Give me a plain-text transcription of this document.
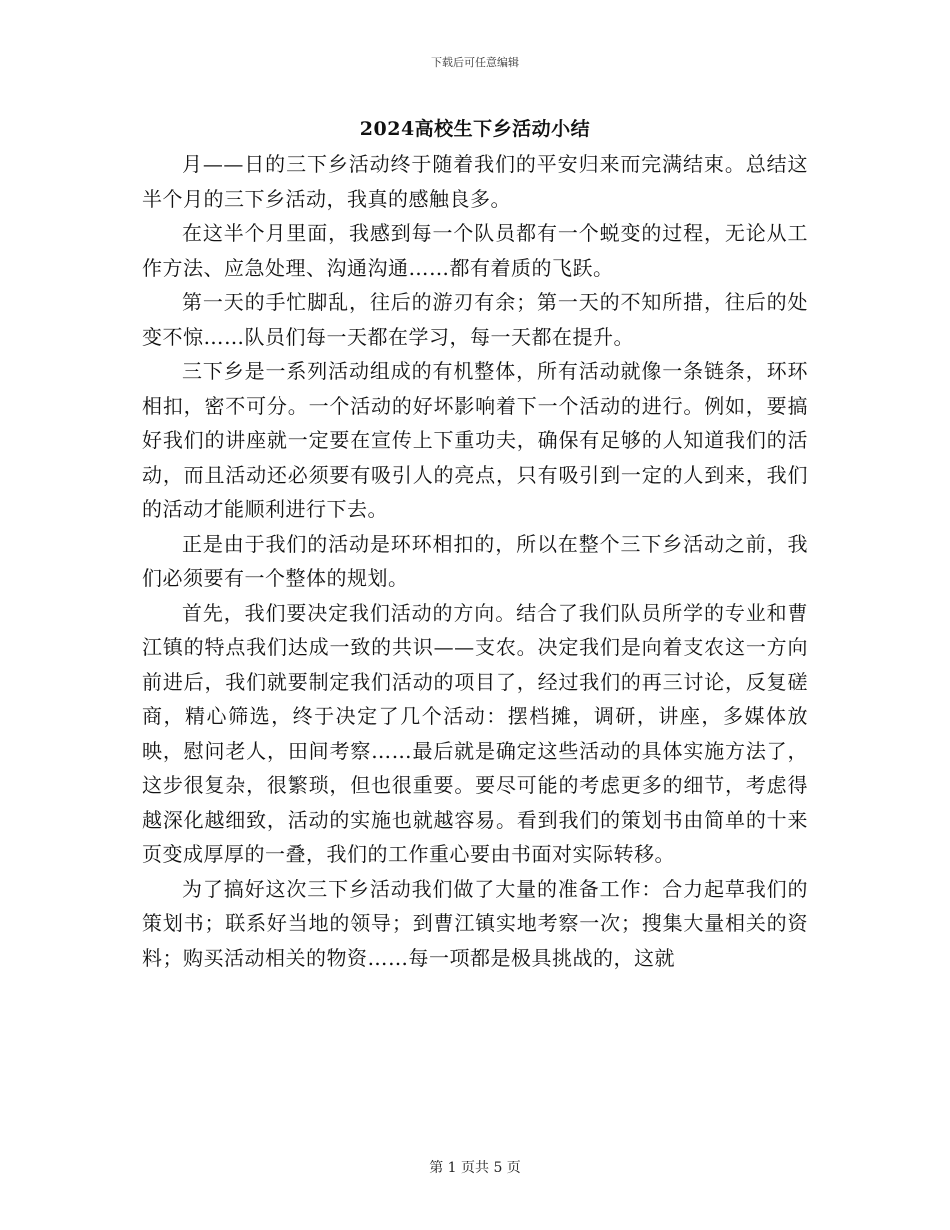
下载后可任意编辑
2024高校生下乡活动小结

月——日的三下乡活动终于随着我们的平安归来而完满结束。总结这半个月的三下乡活动，我真的感触良多。

在这半个月里面，我感到每一个队员都有一个蜕变的过程，无论从工作方法、应急处理、沟通沟通……都有着质的飞跃。

第一天的手忙脚乱，往后的游刃有余；第一天的不知所措，往后的处变不惊……队员们每一天都在学习，每一天都在提升。

三下乡是一系列活动组成的有机整体，所有活动就像一条链条，环环相扣，密不可分。一个活动的好坏影响着下一个活动的进行。例如，要搞好我们的讲座就一定要在宣传上下重功夫，确保有足够的人知道我们的活动，而且活动还必须要有吸引人的亮点，只有吸引到一定的人到来，我们的活动才能顺利进行下去。

正是由于我们的活动是环环相扣的，所以在整个三下乡活动之前，我们必须要有一个整体的规划。

首先，我们要决定我们活动的方向。结合了我们队员所学的专业和曹江镇的特点我们达成一致的共识——支农。决定我们是向着支农这一方向前进后，我们就要制定我们活动的项目了，经过我们的再三讨论，反复磋商，精心筛选，终于决定了几个活动：摆档摊，调研，讲座，多媒体放映，慰问老人，田间考察……最后就是确定这些活动的具体实施方法了，这步很复杂，很繁琐，但也很重要。要尽可能的考虑更多的细节，考虑得越深化越细致，活动的实施也就越容易。看到我们的策划书由简单的十来页变成厚厚的一叠，我们的工作重心要由书面对实际转移。

为了搞好这次三下乡活动我们做了大量的准备工作：合力起草我们的策划书；联系好当地的领导；到曹江镇实地考察一次；搜集大量相关的资料；购买活动相关的物资……每一项都是极具挑战的，这就

第 1 页共 5 页
